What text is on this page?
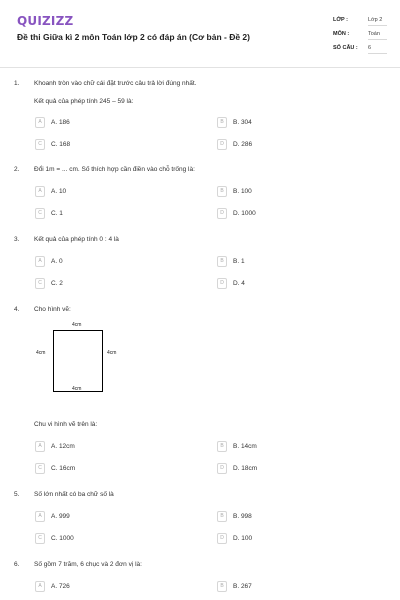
QUIZIZZ
Đề thi Giữa kì 2 môn Toán lớp 2 có đáp án (Cơ bản - Đề 2)
LỚP :	Lớp 2
MÔN :	Toán
SỐ CÂU : 6
1. Khoanh tròn vào chữ cái đặt trước câu trả lời đúng nhất.
Kết quả của phép tính 245 – 59 là:
A	A. 186	B	B. 304
C	C. 168	D	D. 286
2. Đổi 1m = ... cm. Số thích hợp cần điền vào chỗ trống là:
A	A. 10	B	B. 100
C	C. 1	D	D. 1000
3. Kết quả của phép tính 0 : 4 là
A	A. 0	B	B. 1
C	C. 2	D	D. 4
4. Cho hình vẽ:
4cm
4cm	4cm
4cm
Chu vi hình vẽ trên là:
A	A. 12cm	B	B. 14cm
C	C. 16cm	D	D. 18cm
5. Số lớn nhất có ba chữ số là
A	A. 999	B	B. 998
C	C. 1000	D	D. 100
6. Số gồm 7 trăm, 6 chục và 2 đơn vị là:
A	A. 726	B	B. 267
